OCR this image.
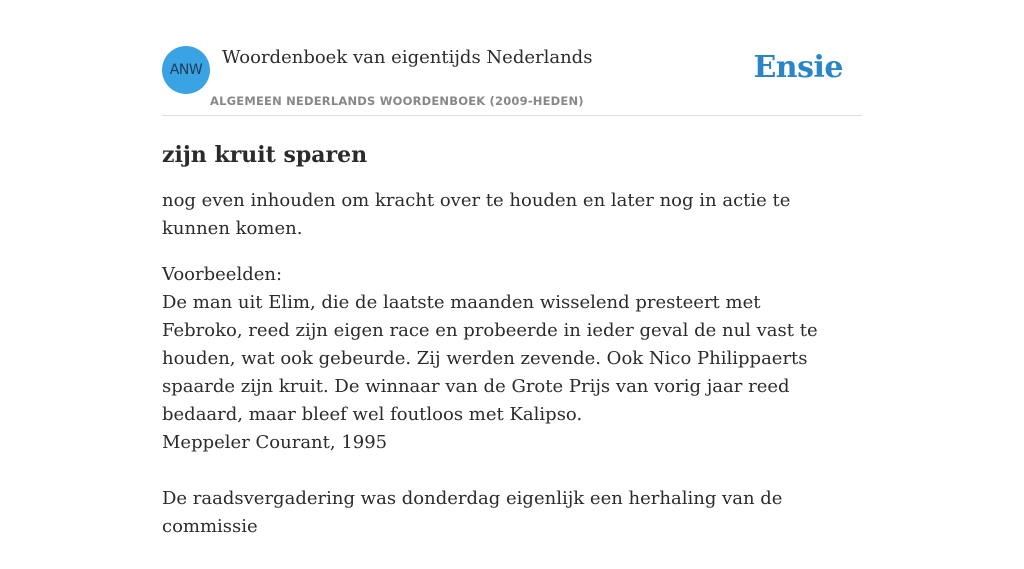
ANW
Woordenboek van eigentijds Nederlands
ALGEMEEN NEDERLANDS WOORDENBOEK (2009-HEDEN)
Ensie
zijn kruit sparen

nog even inhouden om kracht over te houden en later nog in actie te kunnen komen.

Voorbeelden:

De man uit Elim, die de laatste maanden wisselend presteert met Febroko, reed zijn eigen race en probeerde in ieder geval de nul vast te houden, wat ook gebeurde. Zij werden zevende. Ook Nico Philippaerts spaarde zijn kruit. De winnaar van de Grote Prijs van vorig jaar reed bedaard, maar bleef wel foutloos met Kalipso.

Meppeler Courant, 1995

De raadsvergadering was donderdag eigenlijk een herhaling van de commissie
